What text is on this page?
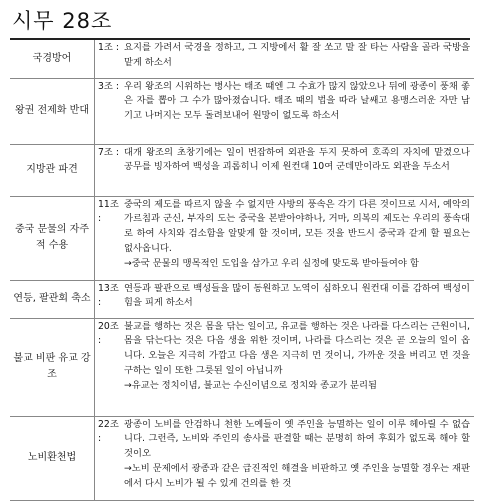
시무 28조
국경방어	1조 :	요지를 가려서 국경을 정하고, 그 지방에서 활 잘 쏘고 말 잘 타는 사람을 골라 국방을 맡게 하소서
왕권 전제화 반대	3조 :	우리 왕조의 시위하는 병사는 태조 때엔 그 수효가 많지 않았으나 뒤에 광종이 풍채 좋은 자를 뽑아 그 수가 많아졌습니다. 태조 때의 법을 따라 날쌔고 용맹스러운 자만 남기고 나머지는 모두 돌려보내어 원망이 없도록 하소서
지방관 파견	7조 :	대개 왕조의 초창기에는 일이 번잡하여 외관을 두지 못하여 호족의 자치에 맡겼으나 공무를 빙자하여 백성을 괴롭히니 이제 원컨대 10여 군데만이라도 외관을 두소서
중국 문물의 자주적 수용	11조 :	중국의 제도를 따르지 않을 수 없지만 사방의 풍속은 각기 다른 것이므로 시서, 예악의 가르침과 군신, 부자의 도는 중국을 본받아야하나, 거마, 의복의 제도는 우리의 풍속대로 하여 사치와 검소함을 알맞게 할 것이며, 모든 것을 반드시 중국과 같게 할 필요는 없사옵니다.
→중국 문물의 맹목적인 도입을 삼가고 우리 실정에 맞도록 받아들여야 함

연등, 팔관회 축소	13조 :	연등과 팔관으로 백성들을 많이 동원하고 노역이 심하오니 원컨대 이를 감하여 백성이 힘을 피게 하소서
불교 비판 유교 강조	20조 :	불교를 행하는 것은 몸을 닦는 일이고, 유교를 행하는 것은 나라를 다스리는 근원이니, 몸을 닦는다는 것은 다음 생을 위한 것이며, 나라를 다스리는 것은 곧 오늘의 일이 옵니다. 오늘은 지극히 가깝고 다음 생은 지극히 먼 것이니, 가까운 것을 버리고 먼 것을 구하는 일이 또한 그릇된 일이 아닙니까
→유교는 정치이념, 불교는 수신이념으로 정치와 종교가 분리됨

노비환천법	22조 :	광종이 노비를 안검하니 천한 노예들이 옛 주인을 능멸하는 일이 이루 헤아릴 수 없습니다. 그런즉, 노비와 주인의 송사를 판결할 때는 분명히 하여 후회가 없도록 해야 할 것이오
→노비 문제에서 광종과 같은 급진적인 해결을 비판하고 옛 주인을 능멸할 경우는 재판에서 다시 노비가 될 수 있게 건의를 한 것
